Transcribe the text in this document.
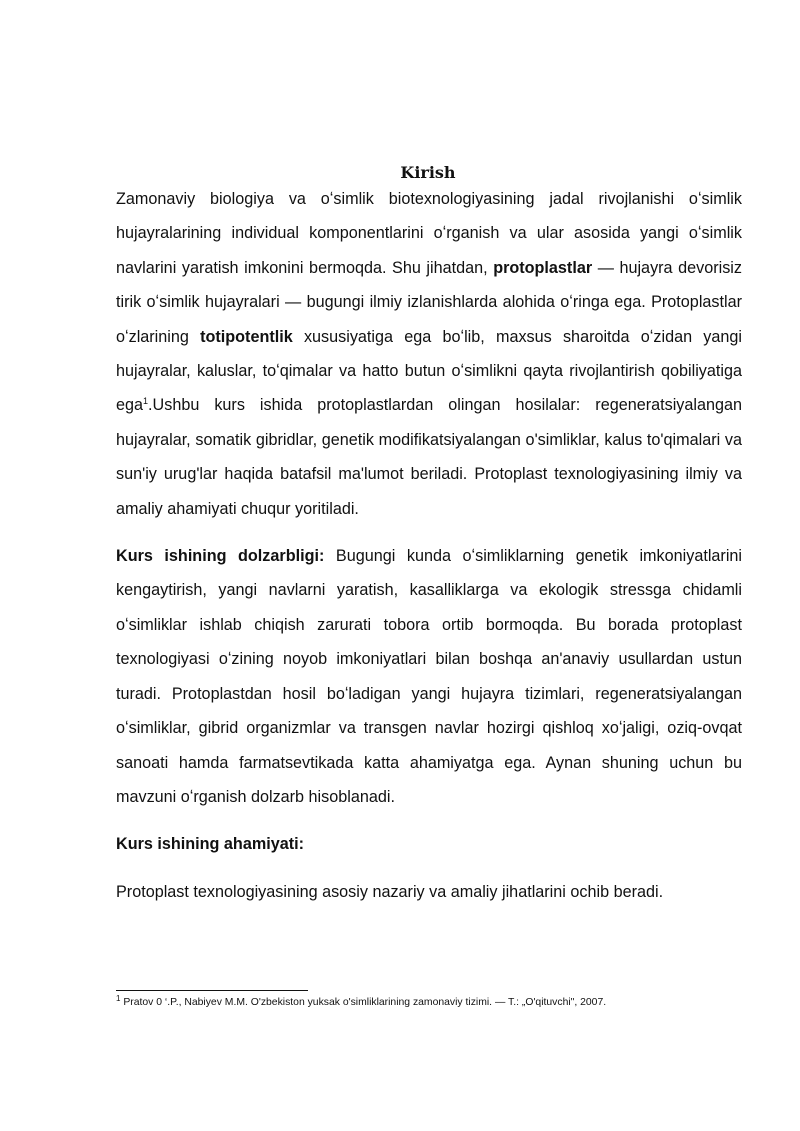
Kirish

Zamonaviy biologiya va oʻsimlik biotexnologiyasining jadal rivojlanishi oʻsimlik hujayralarining individual komponentlarini oʻrganish va ular asosida yangi oʻsimlik navlarini yaratish imkonini bermoqda. Shu jihatdan, protoplastlar — hujayra devorisiz tirik oʻsimlik hujayralari — bugungi ilmiy izlanishlarda alohida oʻringa ega. Protoplastlar oʻzlarining totipotentlik xususiyatiga ega boʻlib, maxsus sharoitda oʻzidan yangi hujayralar, kaluslar, toʻqimalar va hatto butun oʻsimlikni qayta rivojlantirish qobiliyatiga ega$^1$.Ushbu kurs ishida protoplastlardan olingan hosilalar: regeneratsiyalangan hujayralar, somatik gibridlar, genetik modifikatsiyalangan o'simliklar, kalus to'qimalari va sun'iy urug'lar haqida batafsil ma'lumot beriladi. Protoplast texnologiyasining ilmiy va amaliy ahamiyati chuqur yoritiladi.

Kurs ishining dolzarbligi: Bugungi kunda oʻsimliklarning genetik imkoniyatlarini kengaytirish, yangi navlarni yaratish, kasalliklarga va ekologik stressga chidamli oʻsimliklar ishlab chiqish zarurati tobora ortib bormoqda. Bu borada protoplast texnologiyasi oʻzining noyob imkoniyatlari bilan boshqa an'anaviy usullardan ustun turadi. Protoplastdan hosil boʻladigan yangi hujayra tizimlari, regeneratsiyalangan oʻsimliklar, gibrid organizmlar va transgen navlar hozirgi qishloq xoʻjaligi, oziq-ovqat sanoati hamda farmatsevtikada katta ahamiyatga ega. Aynan shuning uchun bu mavzuni oʻrganish dolzarb hisoblanadi.

Kurs ishining ahamiyati:

Protoplast texnologiyasining asosiy nazariy va amaliy jihatlarini ochib beradi.

$^1$ Pratov 0 ‘.P., Nabiyev M.M. O'zbekiston yuksak o'simliklarining zamonaviy tizimi. — T.: „O'qituvchi", 2007.
